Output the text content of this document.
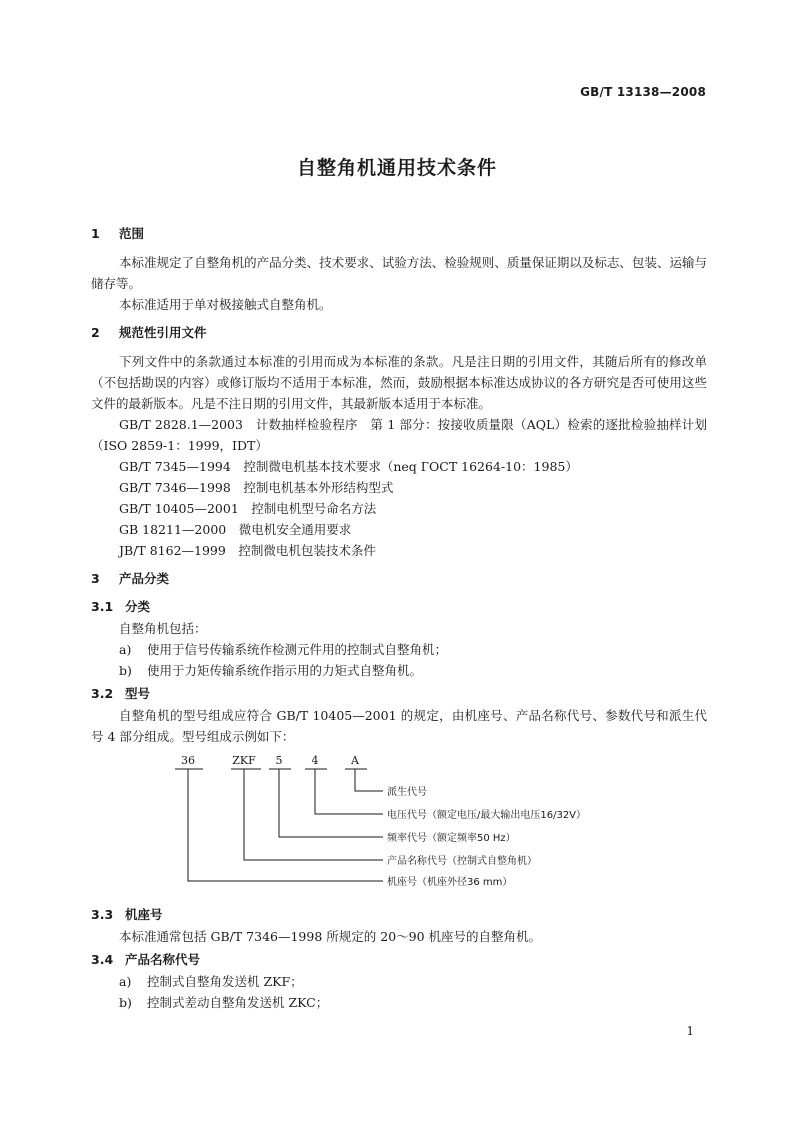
GB/T 13138—2008
自整角机通用技术条件
1 范围

本标准规定了自整角机的产品分类、技术要求、试验方法、检验规则、质量保证期以及标志、包装、运输与储存等。

本标准适用于单对极接触式自整角机。

2 规范性引用文件

下列文件中的条款通过本标准的引用而成为本标准的条款。凡是注日期的引用文件，其随后所有的修改单（不包括勘误的内容）或修订版均不适用于本标准，然而，鼓励根据本标准达成协议的各方研究是否可使用这些文件的最新版本。凡是不注日期的引用文件，其最新版本适用于本标准。

GB/T 2828.1—2003　计数抽样检验程序　第 1 部分：按接收质量限（AQL）检索的逐批检验抽样计划（ISO 2859-1：1999，IDT）

GB/T 7345—1994　控制微电机基本技术要求（neq ГОСТ 16264-10：1985）

GB/T 7346—1998　控制电机基本外形结构型式

GB/T 10405—2001　控制电机型号命名方法

GB 18211—2000　微电机安全通用要求

JB/T 8162—1999　控制微电机包装技术条件

3 产品分类
3.1 分类

自整角机包括：

a) 使用于信号传输系统作检测元件用的控制式自整角机；

b) 使用于力矩传输系统作指示用的力矩式自整角机。

3.2 型号

自整角机的型号组成应符合 GB/T 10405—2001 的规定，由机座号、产品名称代号、参数代号和派生代号 4 部分组成。型号组成示例如下：

36	ZKF 5	4	A
派生代号
电压代号（额定电压/最大输出电压16/32V）
频率代号（额定频率50 Hz）
产品名称代号（控制式自整角机）
机座号（机座外径36 mm）
3.3 机座号

本标准通常包括 GB/T 7346—1998 所规定的 20～90 机座号的自整角机。

3.4 产品名称代号

a) 控制式自整角发送机 ZKF；

b) 控制式差动自整角发送机 ZKC；

1
